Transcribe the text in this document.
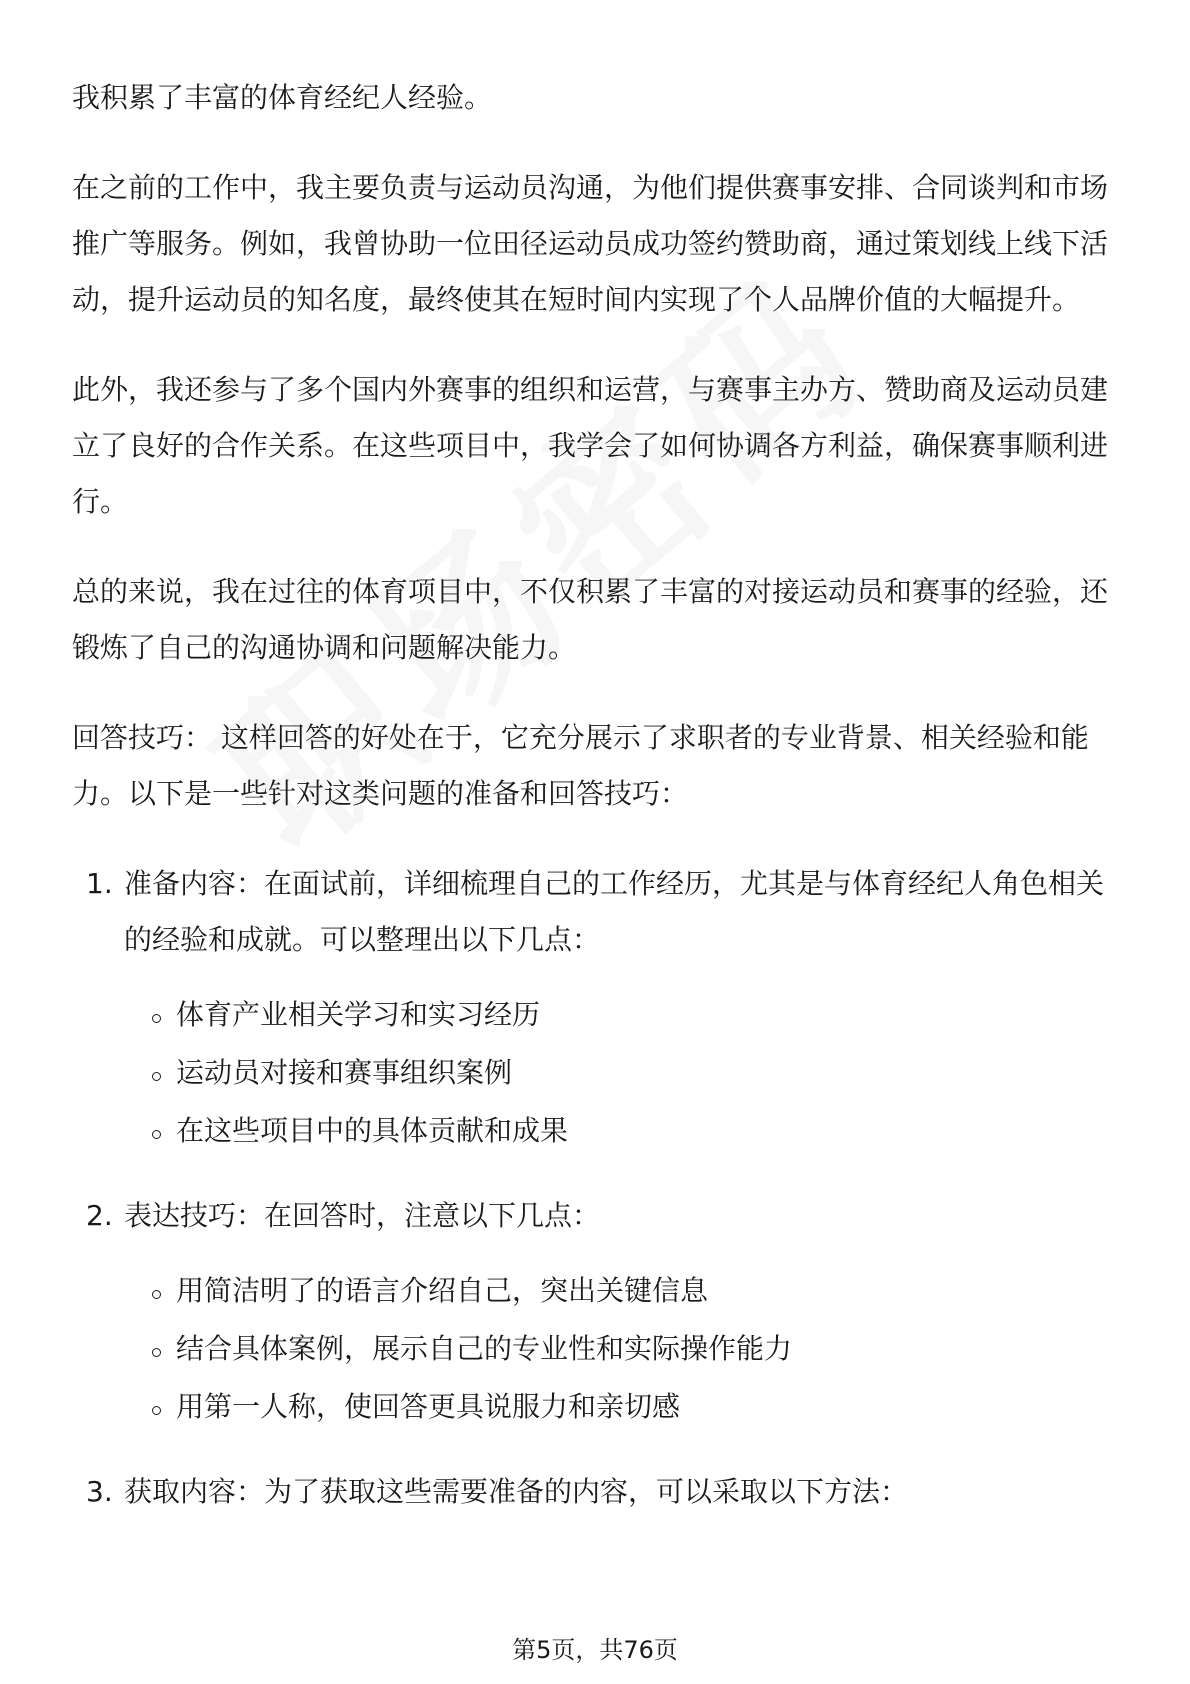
我积累了丰富的体育经纪人经验。

在之前的工作中，我主要负责与运动员沟通，为他们提供赛事安排、合同谈判和市场推广等服务。例如，我曾协助一位田径运动员成功签约赞助商，通过策划线上线下活动，提升运动员的知名度，最终使其在短时间内实现了个人品牌价值的大幅提升。

此外，我还参与了多个国内外赛事的组织和运营，与赛事主办方、赞助商及运动员建立了良好的合作关系。在这些项目中，我学会了如何协调各方利益，确保赛事顺利进行。

总的来说，我在过往的体育项目中，不仅积累了丰富的对接运动员和赛事的经验，还锻炼了自己的沟通协调和问题解决能力。

回答技巧： 这样回答的好处在于，它充分展示了求职者的专业背景、相关经验和能力。以下是一些针对这类问题的准备和回答技巧：

1. 准备内容：在面试前，详细梳理自己的工作经历，尤其是与体育经纪人角色相关的经验和成就。可以整理出以下几点：
体育产业相关学习和实习经历
运动员对接和赛事组织案例
在这些项目中的具体贡献和成果
2. 表达技巧：在回答时，注意以下几点：
用简洁明了的语言介绍自己，突出关键信息
结合具体案例，展示自己的专业性和实际操作能力
用第一人称，使回答更具说服力和亲切感
3. 获取内容：为了获取这些需要准备的内容，可以采取以下方法：
第5页，共76页
